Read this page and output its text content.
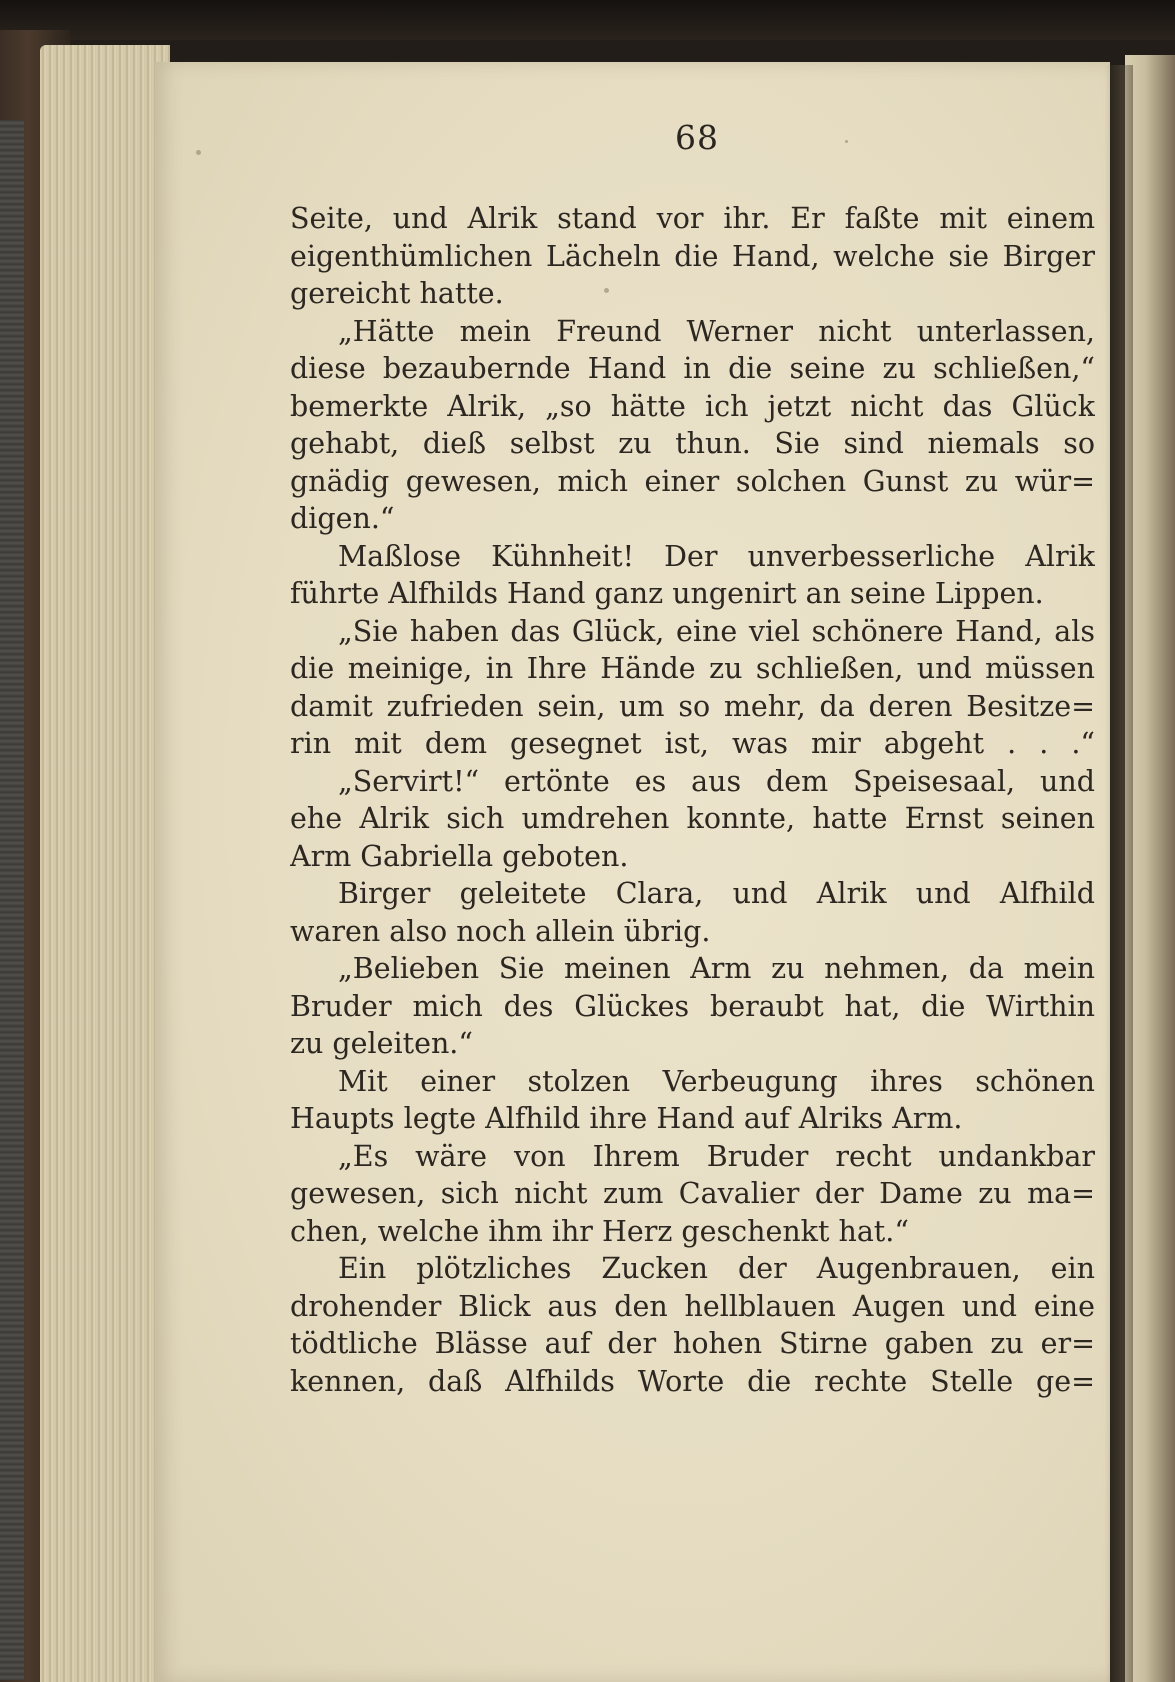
68
Seite, und Alrik stand vor ihr. Er faßte mit einem
eigenthümlichen Lächeln die Hand, welche sie Birger
gereicht hatte.
„Hätte mein Freund Werner nicht unterlassen,
diese bezaubernde Hand in die seine zu schließen,“
bemerkte Alrik, „so hätte ich jetzt nicht das Glück
gehabt, dieß selbst zu thun. Sie sind niemals so
gnädig gewesen, mich einer solchen Gunst zu wür=
digen.“
Maßlose Kühnheit! Der unverbesserliche Alrik
führte Alfhilds Hand ganz ungenirt an seine Lippen.
„Sie haben das Glück, eine viel schönere Hand, als
die meinige, in Ihre Hände zu schließen, und müssen
damit zufrieden sein, um so mehr, da deren Besitze=
rin mit dem gesegnet ist, was mir abgeht . . .“
„Servirt!“ ertönte es aus dem Speisesaal, und
ehe Alrik sich umdrehen konnte, hatte Ernst seinen
Arm Gabriella geboten.
Birger geleitete Clara, und Alrik und Alfhild
waren also noch allein übrig.
„Belieben Sie meinen Arm zu nehmen, da mein
Bruder mich des Glückes beraubt hat, die Wirthin
zu geleiten.“
Mit einer stolzen Verbeugung ihres schönen
Haupts legte Alfhild ihre Hand auf Alriks Arm.
„Es wäre von Ihrem Bruder recht undankbar
gewesen, sich nicht zum Cavalier der Dame zu ma=
chen, welche ihm ihr Herz geschenkt hat.“
Ein plötzliches Zucken der Augenbrauen, ein
drohender Blick aus den hellblauen Augen und eine
tödtliche Blässe auf der hohen Stirne gaben zu er=
kennen, daß Alfhilds Worte die rechte Stelle ge=
